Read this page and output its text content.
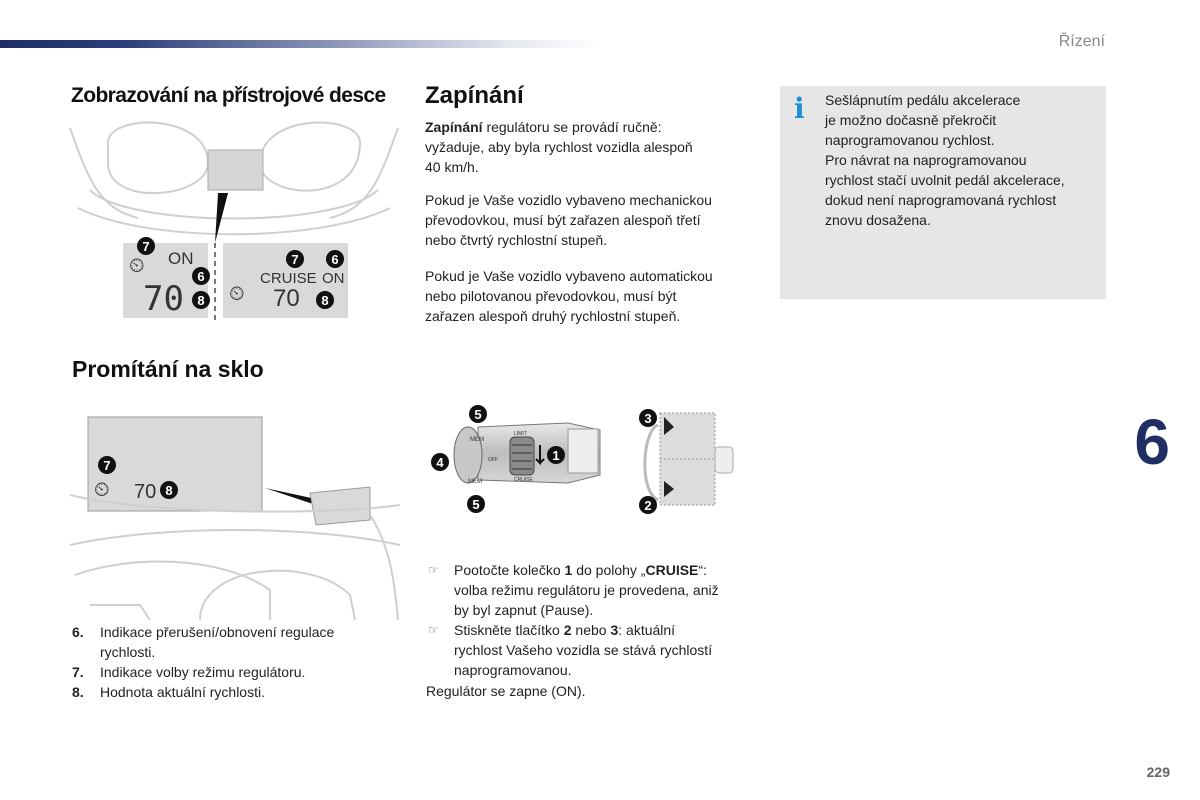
Řízení
6
229
Zobrazování na přístrojové desce
⏲ ON
70 ⏲
CRUISE ON
70
7
6
8
7	6
8
Zapínání

Zapínání regulátoru se provádí ručně:
vyžaduje, aby byla rychlost vozidla alespoň
40 km/h.

Pokud je Vaše vozidlo vybaveno mechanickou
převodovkou, musí být zařazen alespoň třetí
nebo čtvrtý rychlostní stupeň.

Pokud je Vaše vozidlo vybaveno automatickou
nebo pilotovanou převodovkou, musí být
zařazen alespoň druhý rychlostní stupeň.

i Sešlápnutím pedálu akcelerace
je možno dočasně překročit
naprogramovanou rychlost.
Pro návrat na naprogramovanou
rychlost stačí uvolnit pedál akcelerace,
dokud není naprogramovaná rychlost
znovu dosažena.

Promítání na sklo
⏲ 70
7
8
6. Indikace přerušení/obnovení regulace
rychlosti.
7. Indikace volby režimu regulátoru.
8. Hodnota aktuální rychlosti.
MEM
MEM	CRUISE
LIMIT
OFF
5
4
5
1
3
2
☞ Pootočte kolečko 1 do polohy „CRUISE“:
volba režimu regulátoru je provedena, aniž
by byl zapnut (Pause).
☞ Stiskněte tlačítko 2 nebo 3: aktuální
rychlost Vašeho vozidla se stává rychlostí
naprogramovanou.

Regulátor se zapne (ON).
